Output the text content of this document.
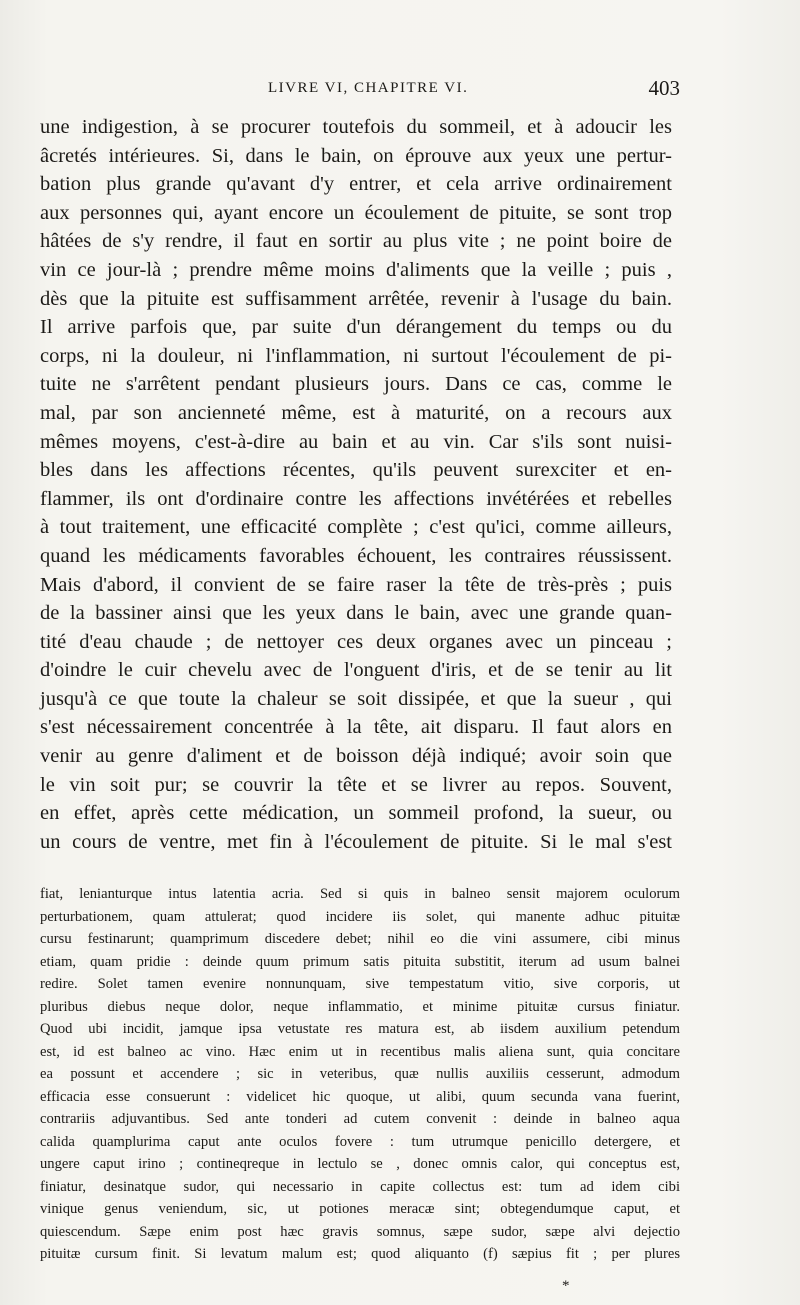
LIVRE VI, CHAPITRE VI.	403
une indigestion, à se procurer toutefois du sommeil, et à adoucir les
âcretés intérieures. Si, dans le bain, on éprouve aux yeux une pertur-
bation plus grande qu'avant d'y entrer, et cela arrive ordinairement
aux personnes qui, ayant encore un écoulement de pituite, se sont trop
hâtées de s'y rendre, il faut en sortir au plus vite ; ne point boire de
vin ce jour-là ; prendre même moins d'aliments que la veille ; puis ,
dès que la pituite est suffisamment arrêtée, revenir à l'usage du bain.
Il arrive parfois que, par suite d'un dérangement du temps ou du
corps, ni la douleur, ni l'inflammation, ni surtout l'écoulement de pi-
tuite ne s'arrêtent pendant plusieurs jours. Dans ce cas, comme le
mal, par son ancienneté même, est à maturité, on a recours aux
mêmes moyens, c'est-à-dire au bain et au vin. Car s'ils sont nuisi-
bles dans les affections récentes, qu'ils peuvent surexciter et en-
flammer, ils ont d'ordinaire contre les affections invétérées et rebelles
à tout traitement, une efficacité complète ; c'est qu'ici, comme ailleurs,
quand les médicaments favorables échouent, les contraires réussissent.
Mais d'abord, il convient de se faire raser la tête de très-près ; puis
de la bassiner ainsi que les yeux dans le bain, avec une grande quan-
tité d'eau chaude ; de nettoyer ces deux organes avec un pinceau ;
d'oindre le cuir chevelu avec de l'onguent d'iris, et de se tenir au lit
jusqu'à ce que toute la chaleur se soit dissipée, et que la sueur , qui
s'est nécessairement concentrée à la tête, ait disparu. Il faut alors en
venir au genre d'aliment et de boisson déjà indiqué; avoir soin que
le vin soit pur; se couvrir la tête et se livrer au repos. Souvent,
en effet, après cette médication, un sommeil profond, la sueur, ou
un cours de ventre, met fin à l'écoulement de pituite. Si le mal s'est
fiat, lenianturque intus latentia acria. Sed si quis in balneo sensit majorem oculorum
perturbationem, quam attulerat; quod incidere iis solet, qui manente adhuc pituitæ
cursu festinarunt; quamprimum discedere debet; nihil eo die vini assumere, cibi minus
etiam, quam pridie : deinde quum primum satis pituita substitit, iterum ad usum balnei
redire. Solet tamen evenire nonnunquam, sive tempestatum vitio, sive corporis, ut
pluribus diebus neque dolor, neque inflammatio, et minime pituitæ cursus finiatur.
Quod ubi incidit, jamque ipsa vetustate res matura est, ab iisdem auxilium petendum
est, id est balneo ac vino. Hæc enim ut in recentibus malis aliena sunt, quia concitare
ea possunt et accendere ; sic in veteribus, quæ nullis auxiliis cesserunt, admodum
efficacia esse consuerunt : videlicet hic quoque, ut alibi, quum secunda vana fuerint,
contrariis adjuvantibus. Sed ante tonderi ad cutem convenit : deinde in balneo aqua
calida quamplurima caput ante oculos fovere : tum utrumque penicillo detergere, et
ungere caput irino ; contineqreque in lectulo se , donec omnis calor, qui conceptus est,
finiatur, desinatque sudor, qui necessario in capite collectus est: tum ad idem cibi
vinique genus veniendum, sic, ut potiones meracæ sint; obtegendumque caput, et
quiescendum. Sæpe enim post hæc gravis somnus, sæpe sudor, sæpe alvi dejectio
pituitæ cursum finit. Si levatum malum est; quod aliquanto (f) sæpius fit ; per plures
*
